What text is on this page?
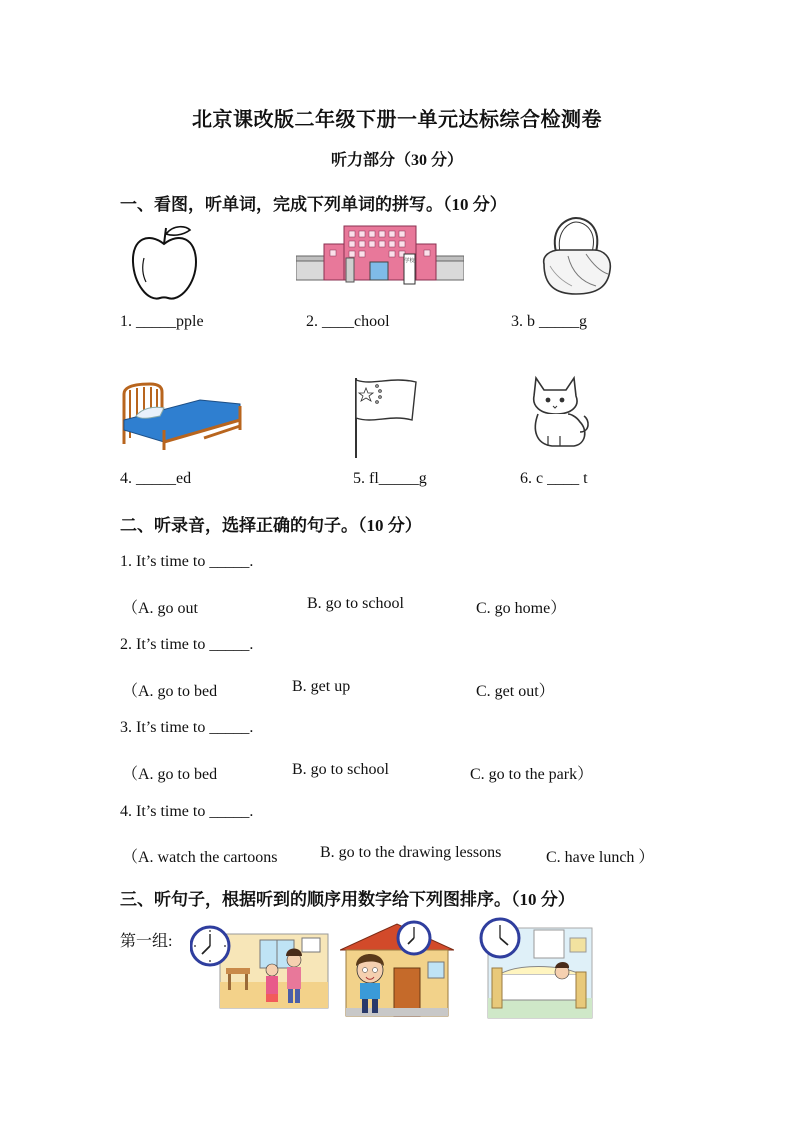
北京课改版二年级下册一单元达标综合检测卷
听力部分（30 分）
一、看图，听单词，完成下列单词的拼写。（10 分）
学校
1. _____pple	2. ____chool	3. b _____g
4. _____ed	5. fl_____g	6. c ____ t
二、听录音，选择正确的句子。（10 分）
1. It’s time to _____.
（A. go out	B. go to school	C. go home）
2. It’s time to _____.
（A. go to bed	B. get up	C. get out）
3. It’s time to _____.
（A. go to bed	B. go to school	C. go to the park）
4. It’s time to _____.
（A. watch the cartoons	B. go to the drawing lessons	C. have lunch ）
三、听句子，根据听到的顺序用数字给下列图排序。（10 分）
第一组:
